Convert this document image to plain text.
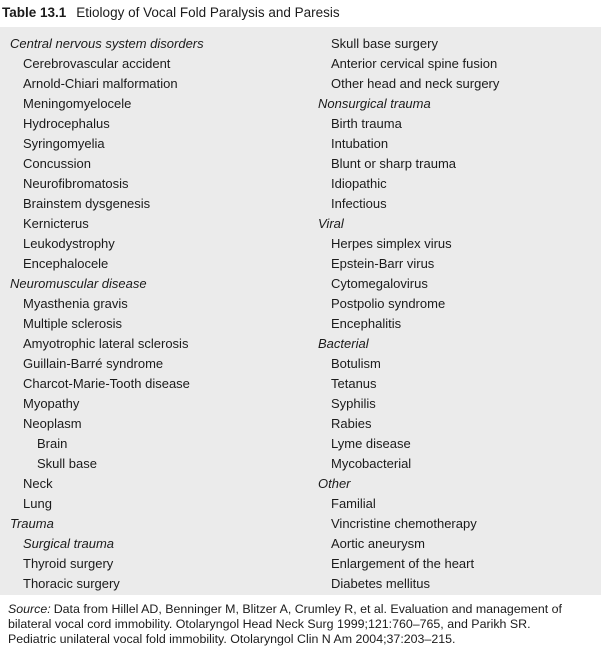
Table 13.1 Etiology of Vocal Fold Paralysis and Paresis
Central nervous system disorders
Cerebrovascular accident
Arnold-Chiari malformation
Meningomyelocele
Hydrocephalus
Syringomyelia
Concussion
Neurofibromatosis
Brainstem dysgenesis
Kernicterus
Leukodystrophy
Encephalocele
Neuromuscular disease
Myasthenia gravis
Multiple sclerosis
Amyotrophic lateral sclerosis
Guillain-Barré syndrome
Charcot-Marie-Tooth disease
Myopathy
Neoplasm
Brain
Skull base
Neck
Lung
Trauma
Surgical trauma
Thyroid surgery
Thoracic surgery
Skull base surgery
Anterior cervical spine fusion
Other head and neck surgery
Nonsurgical trauma
Birth trauma
Intubation
Blunt or sharp trauma
Idiopathic
Infectious
Viral
Herpes simplex virus
Epstein-Barr virus
Cytomegalovirus
Postpolio syndrome
Encephalitis
Bacterial
Botulism
Tetanus
Syphilis
Rabies
Lyme disease
Mycobacterial
Other
Familial
Vincristine chemotherapy
Aortic aneurysm
Enlargement of the heart
Diabetes mellitus
Source: Data from Hillel AD, Benninger M, Blitzer A, Crumley R, et al. Evaluation and management of
bilateral vocal cord immobility. Otolaryngol Head Neck Surg 1999;121:760–765, and Parikh SR.
Pediatric unilateral vocal fold immobility. Otolaryngol Clin N Am 2004;37:203–215.
